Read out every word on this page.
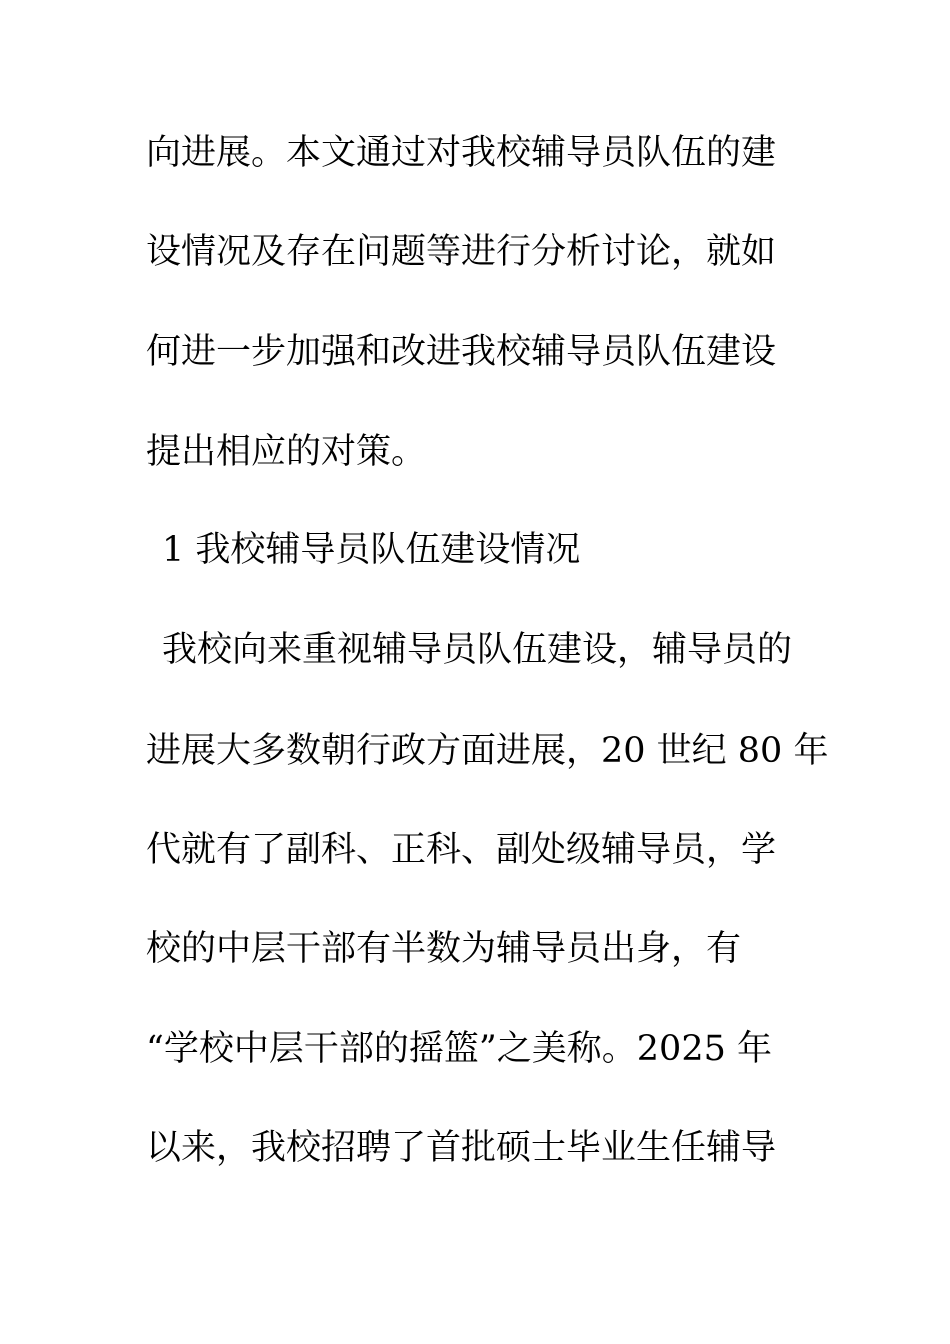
向进展。本文通过对我校辅导员队伍的建
设情况及存在问题等进行分析讨论，就如
何进一步加强和改进我校辅导员队伍建设
提出相应的对策。
1 我校辅导员队伍建设情况
我校向来重视辅导员队伍建设，辅导员的
进展大多数朝行政方面进展，20 世纪 80 年
代就有了副科、正科、副处级辅导员，学
校的中层干部有半数为辅导员出身，有
“学校中层干部的摇篮”之美称。2025 年
以来，我校招聘了首批硕士毕业生任辅导
